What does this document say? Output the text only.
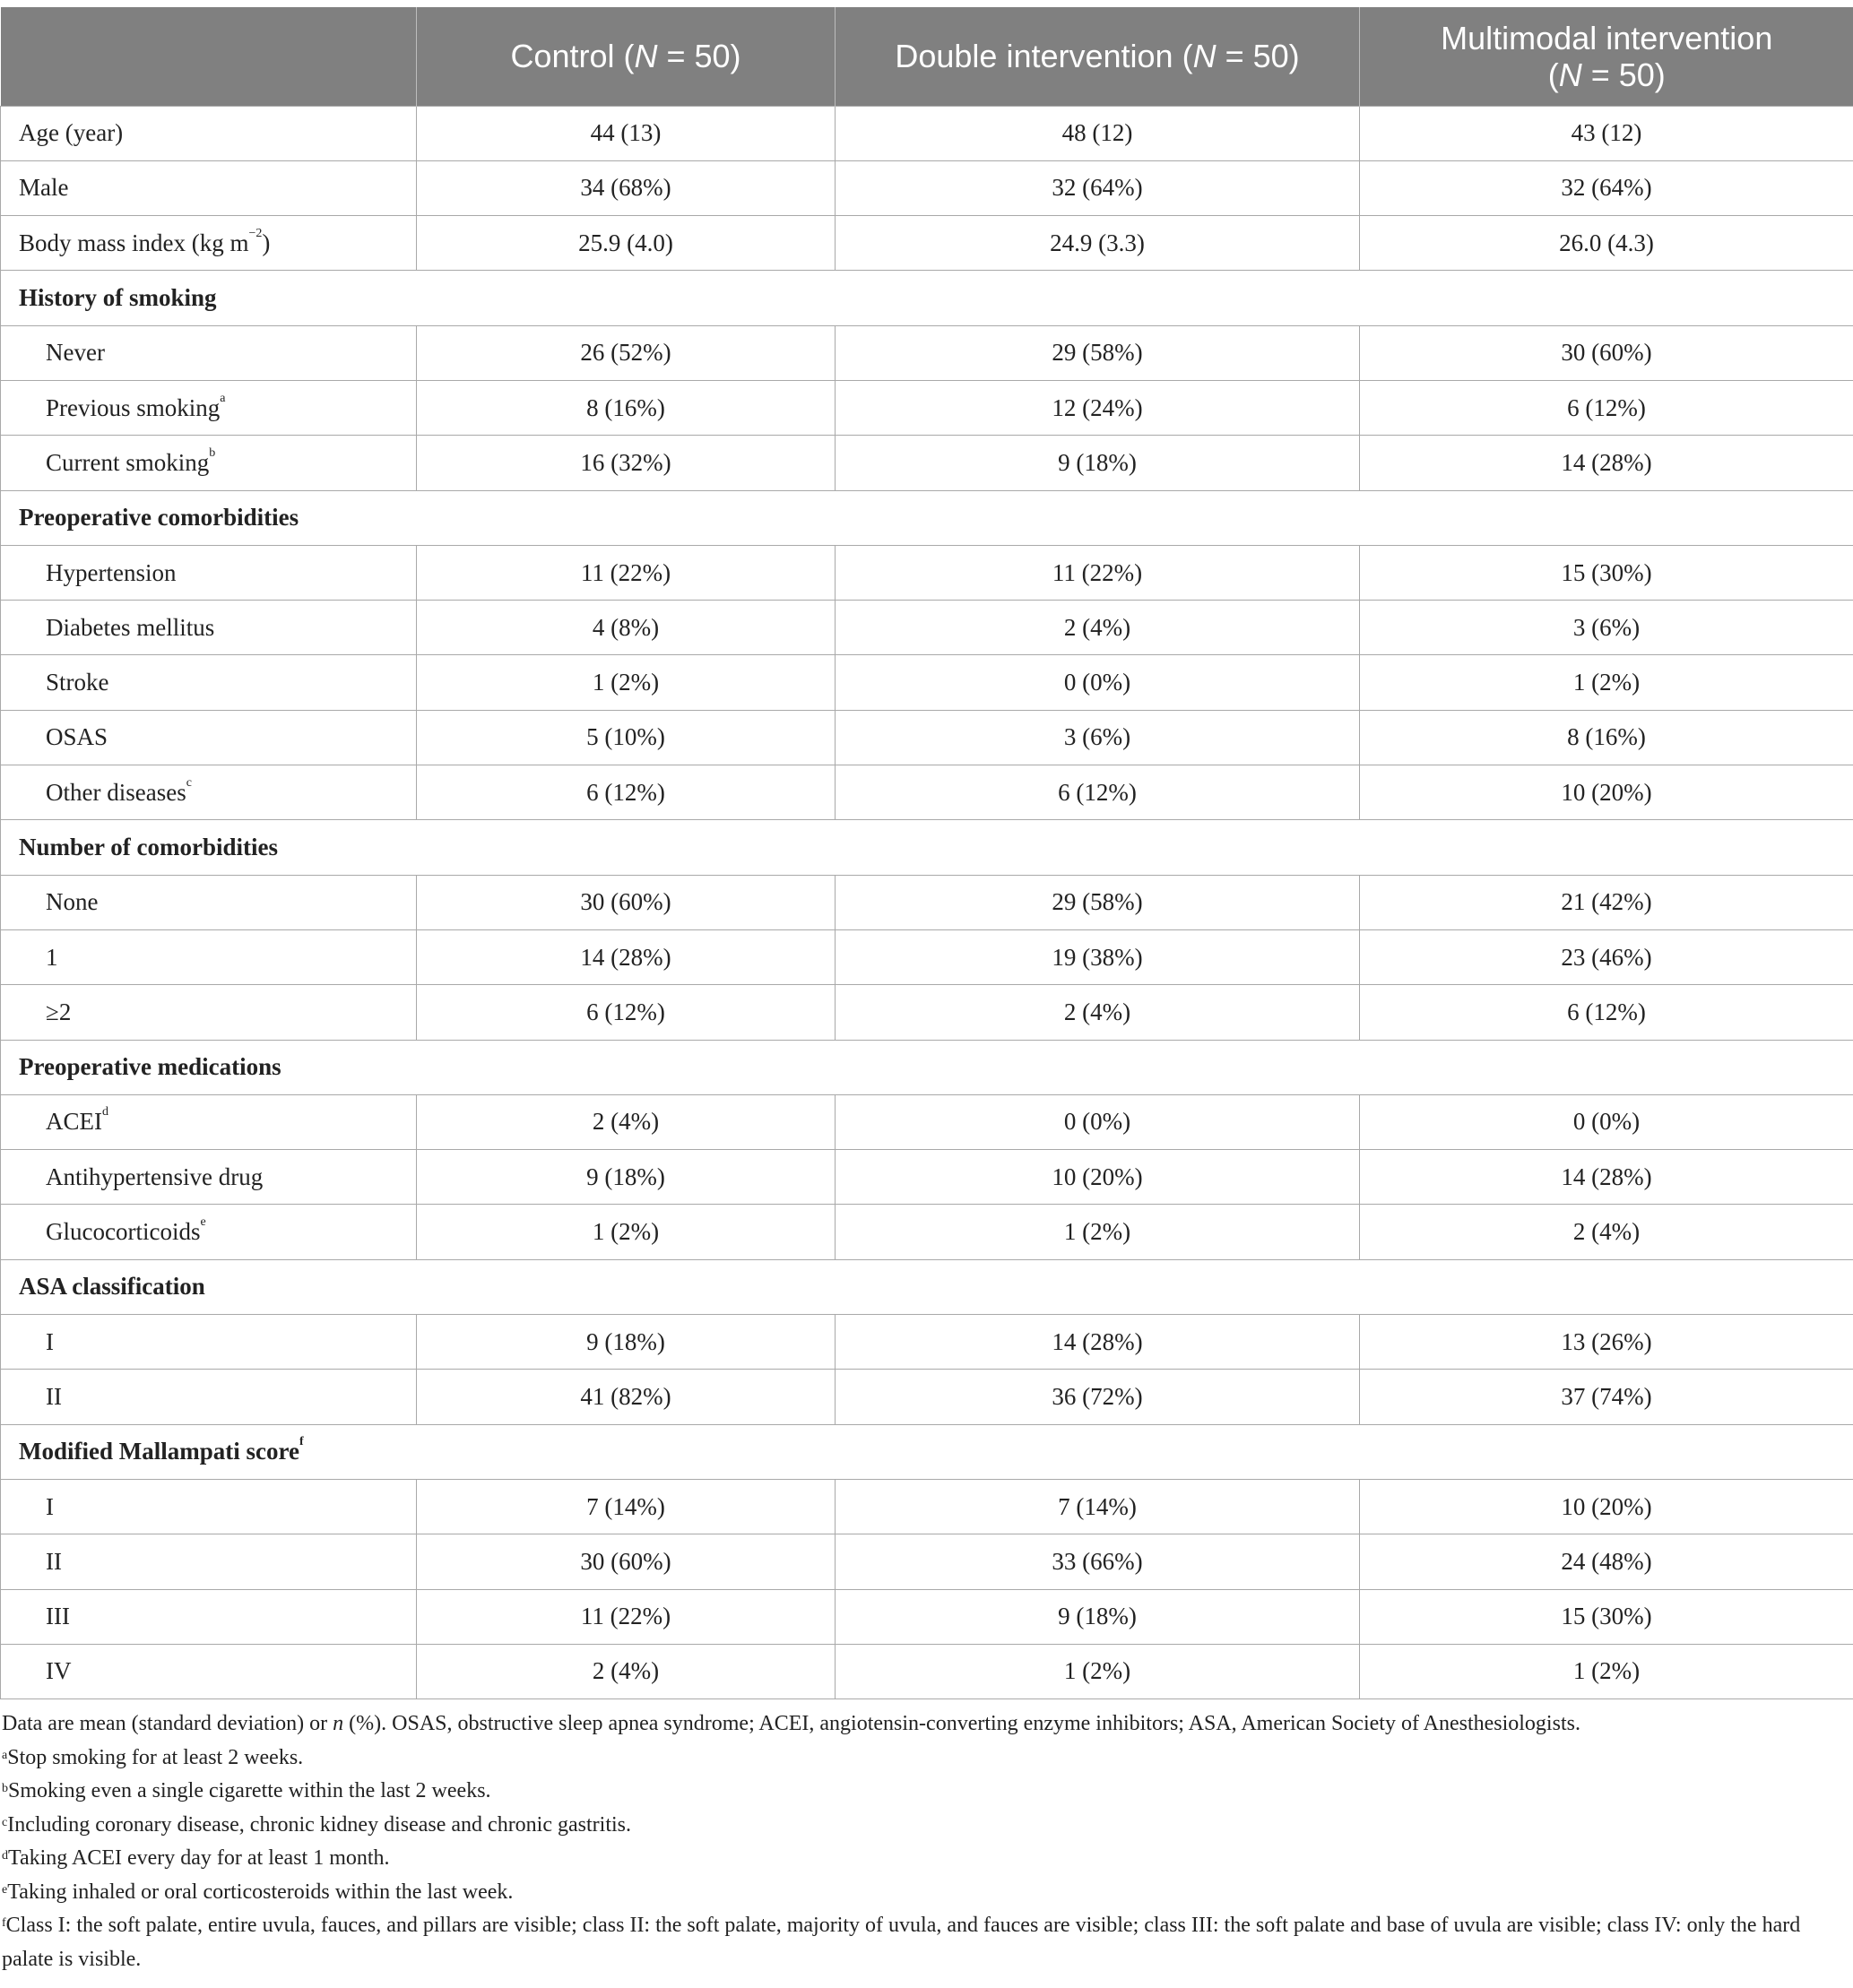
	Control (N = 50)	Double intervention (N = 50)	Multimodal intervention
(N = 50)
Age (year)	44 (13)	48 (12)	43 (12)
Male	34 (68%)	32 (64%)	32 (64%)
Body mass index (kg $m^{-2}$)	25.9 (4.0)	24.9 (3.3)	26.0 (4.3)
History of smoking			
Never	26 (52%)	29 (58%)	30 (60%)
Previous smoking$^a$	8 (16%)	12 (24%)	6 (12%)
Current smoking$^b$	16 (32%)	9 (18%)	14 (28%)
Preoperative comorbidities			
Hypertension	11 (22%)	11 (22%)	15 (30%)
Diabetes mellitus	4 (8%)	2 (4%)	3 (6%)
Stroke	1 (2%)	0 (0%)	1 (2%)
OSAS	5 (10%)	3 (6%)	8 (16%)
Other diseases$^c$	6 (12%)	6 (12%)	10 (20%)
Number of comorbidities			
None	30 (60%)	29 (58%)	21 (42%)
1	14 (28%)	19 (38%)	23 (46%)
≥2	6 (12%)	2 (4%)	6 (12%)
Preoperative medications			
ACEI$^d$	2 (4%)	0 (0%)	0 (0%)
Antihypertensive drug	9 (18%)	10 (20%)	14 (28%)
Glucocorticoids$^e$	1 (2%)	1 (2%)	2 (4%)
ASA classification			
I	9 (18%)	14 (28%)	13 (26%)
II	41 (82%)	36 (72%)	37 (74%)
Modified Mallampati score$^f$
I	7 (14%)	7 (14%)	10 (20%)
II	30 (60%)	33 (66%)	24 (48%)
III	11 (22%)	9 (18%)	15 (30%)
IV	2 (4%)	1 (2%)	1 (2%)

Data are mean (standard deviation) or n (%). OSAS, obstructive sleep apnea syndrome; ACEI, angiotensin-converting enzyme inhibitors; ASA, American Society of Anesthesiologists.

$^a$Stop smoking for at least 2 weeks.

$^b$Smoking even a single cigarette within the last 2 weeks.

$^c$Including coronary disease, chronic kidney disease and chronic gastritis.

$^d$Taking ACEI every day for at least 1 month.

$^e$Taking inhaled or oral corticosteroids within the last week.

$^f$Class I: the soft palate, entire uvula, fauces, and pillars are visible; class II: the soft palate, majority of uvula, and fauces are visible; class III: the soft palate and base of uvula are visible; class IV: only the hard palate is visible.
